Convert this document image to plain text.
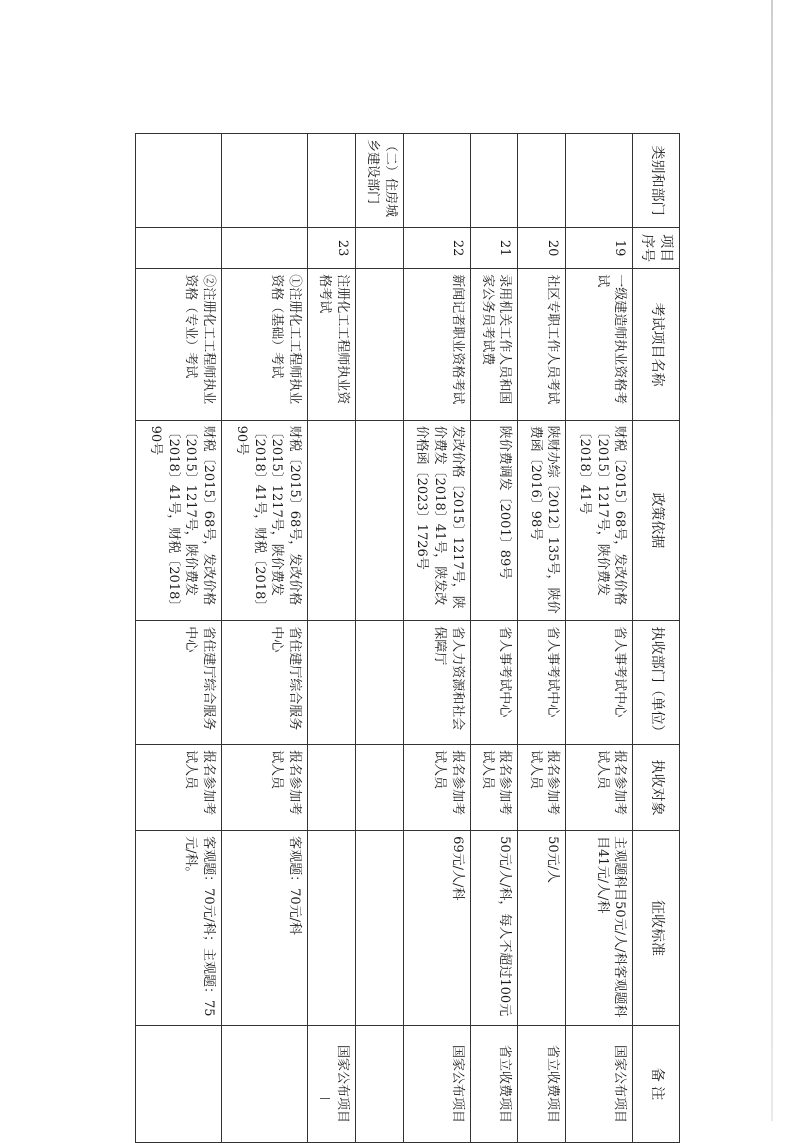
类别和部门	项目序号	考试项目名称	政策依据	执收部门（单位）	执收对象	征收标准	备 注
	19	一级建造师执业资格考试	财税〔2015〕68号，发改价格〔2015〕1217号，陕价费发〔2018〕41号	省人事考试中心	报名参加考试人员	主观题科目50元/人/科客观题科目41元/人/科	国家公布项目
	20	社区专职工作人员考试	陕财办综〔2012〕135号，陕价费函〔2016〕98号	省人事考试中心	报名参加考试人员	50元/人	省立收费项目
	21	录用机关工作人员和国家公务员考试费	陕价费调发〔2001〕89号	省人事考试中心	报名参加考试人员	50元/人/科，每人不超过100元	省立收费项目
	22	新闻记者职业资格考试	发改价格〔2015〕1217号，陕价费发〔2018〕41号，陕发改价格函〔2023〕1726号	省人力资源和社会保障厅	报名参加考试人员	69元/人/科	国家公布项目
（二）住房城乡建设部门							
	23	注册化工工程师执业资格考试					国家公布项目
		①注册化工工程师执业资格（基础）考试	财税〔2015〕68号，发改价格〔2015〕1217号，陕价费发〔2018〕41号，财税〔2018〕90号	省住建厅综合服务中心	报名参加考试人员	客观题：70元/科	
		②注册化工工程师执业资格（专业）考试	财税〔2015〕68号，发改价格〔2015〕1217号，陕价费发〔2018〕41号，财税〔2018〕90号	省住建厅综合服务中心	报名参加考试人员	客观题：70元/科；主观题：75元/科。	
